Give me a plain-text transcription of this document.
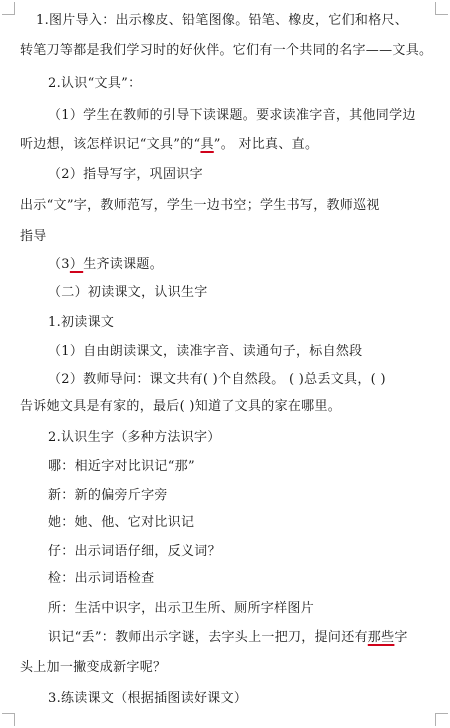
1.图片导入：出示橡皮、铅笔图像。铅笔、橡皮，它们和格尺、
转笔刀等都是我们学习时的好伙伴。它们有一个共同的名字——文具。
2.认识“文具”：
（1）学生在教师的引导下读课题。要求读准字音，其他同学边
听边想，该怎样识记“文具”的“具”。 对比真、直。
（2）指导写字，巩固识字
出示“文”字，教师范写，学生一边书空；学生书写，教师巡视
指导
（3）生齐读课题。
（二）初读课文，认识生字
1.初读课文
（1）自由朗读课文，读准字音、读通句子，标自然段
（2）教师导问：课文共有( )个自然段。 ( )总丢文具，( )
告诉她文具是有家的，最后( )知道了文具的家在哪里。
2.认识生字（多种方法识字）
哪：相近字对比识记“那”
新：新的偏旁斤字旁
她：她、他、它对比识记
仔：出示词语仔细，反义词？
检：出示词语检查
所：生活中识字，出示卫生所、厕所字样图片
识记“丢”：教师出示字谜，去字头上一把刀，提问还有那些字
头上加一撇变成新字呢？
3.练读课文（根据插图读好课文）
